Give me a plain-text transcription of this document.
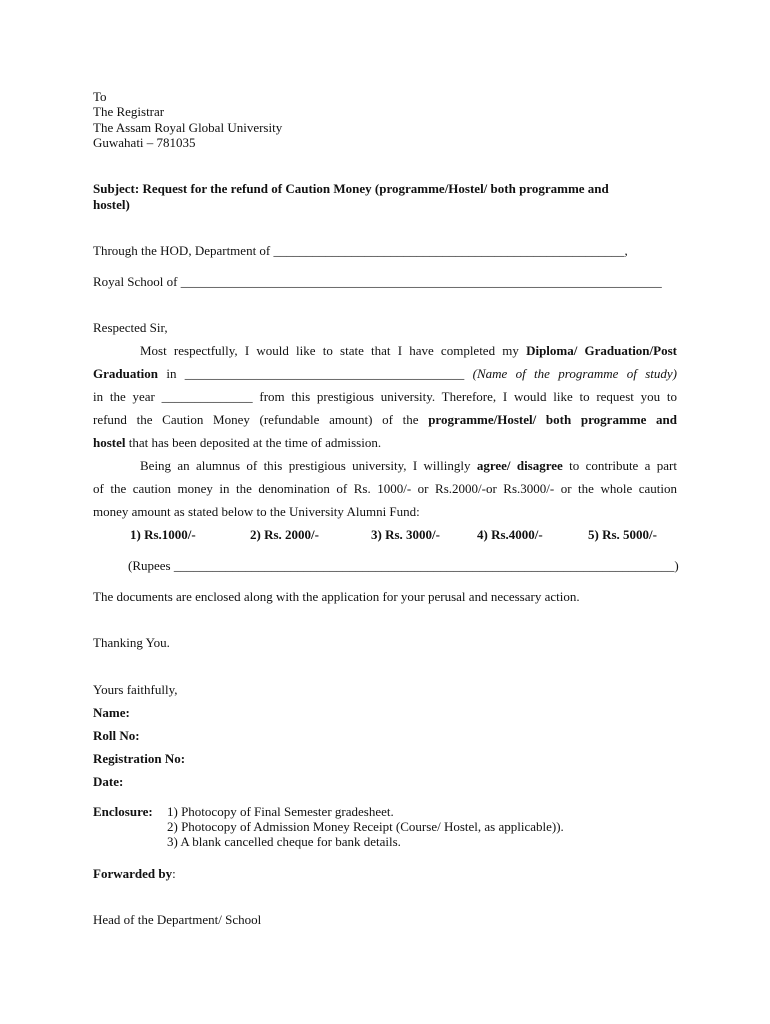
To
The Registrar
The Assam Royal Global University
Guwahati – 781035
Subject: Request for the refund of Caution Money (programme/Hostel/ both programme and
hostel)
Through the HOD, Department of ______________________________________________________,
Royal School of __________________________________________________________________________
Respected Sir,
Most respectfully, I would like to state that I have completed my Diploma/ Graduation/Post
Graduation in ___________________________________________ (Name of the programme of study)
in the year ______________ from this prestigious university. Therefore, I would like to request you to
refund the Caution Money (refundable amount) of the programme/Hostel/ both programme and
hostel that has been deposited at the time of admission.
Being an alumnus of this prestigious university, I willingly agree/ disagree to contribute a part
of the caution money in the denomination of Rs. 1000/- or Rs.2000/-or Rs.3000/- or the whole caution
money amount as stated below to the University Alumni Fund:
1) Rs.1000/-	2) Rs. 2000/-	3) Rs. 3000/-	4) Rs.4000/-	5) Rs. 5000/-
(Rupees _____________________________________________________________________________)
The documents are enclosed along with the application for your perusal and necessary action.
Thanking You.
Yours faithfully,
Name:
Roll No:
Registration No:
Date:
Enclosure: 1) Photocopy of Final Semester gradesheet.
2) Photocopy of Admission Money Receipt (Course/ Hostel, as applicable)).
3) A blank cancelled cheque for bank details.
Forwarded by:
Head of the Department/ School
